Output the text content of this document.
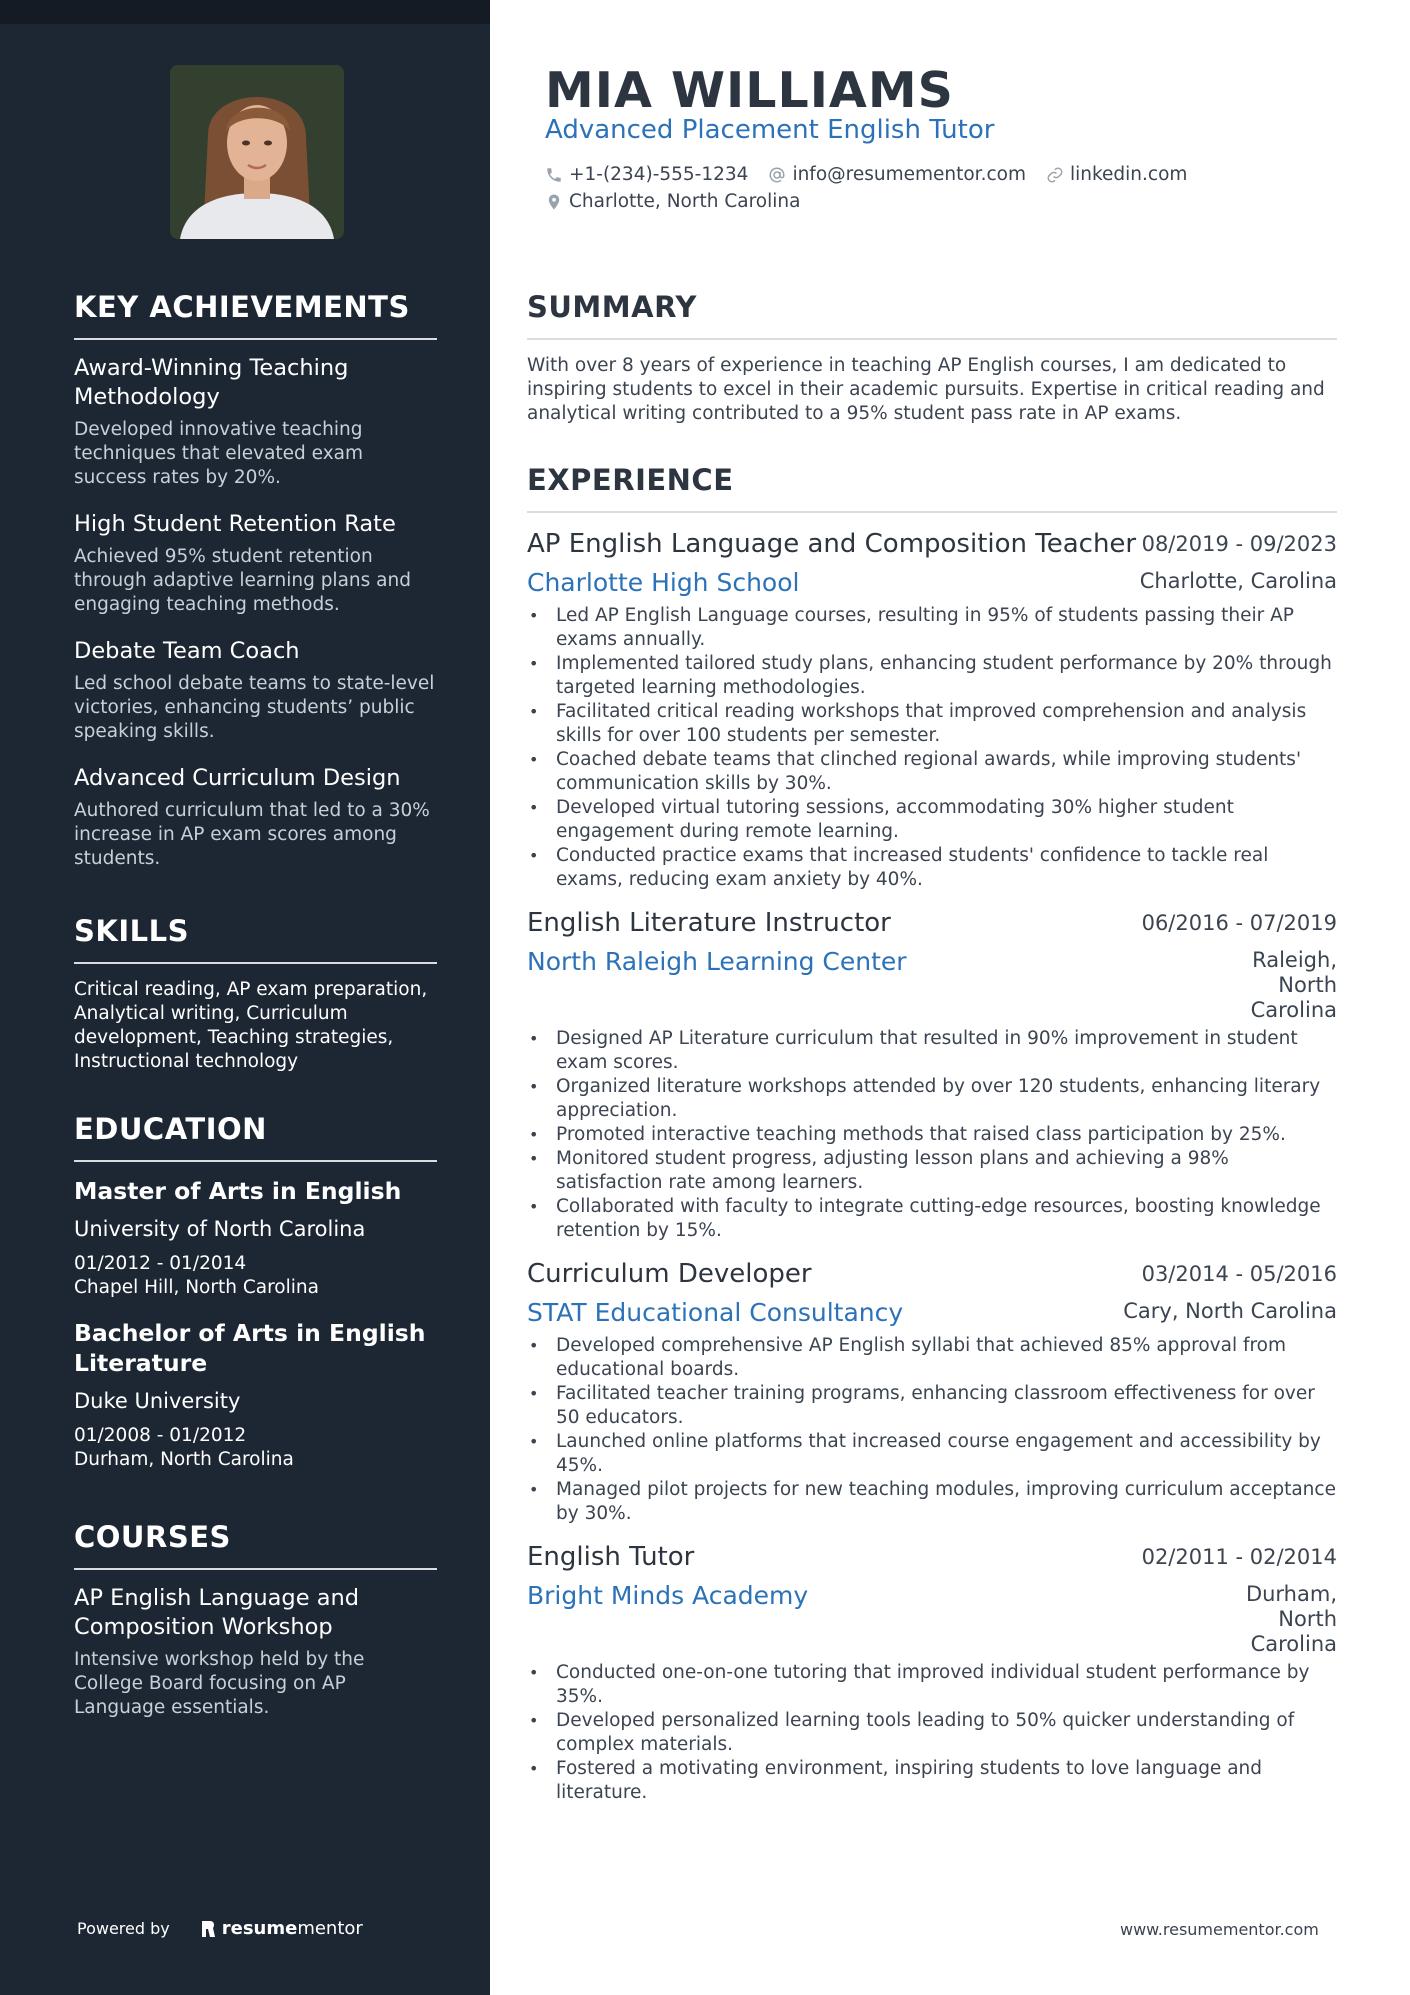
KEY ACHIEVEMENTS
Award-Winning Teaching Methodology
Developed innovative teaching techniques that elevated exam success rates by 20%.
High Student Retention Rate
Achieved 95% student retention through adaptive learning plans and engaging teaching methods.
Debate Team Coach
Led school debate teams to state-level victories, enhancing students’ public speaking skills.
Advanced Curriculum Design
Authored curriculum that led to a 30% increase in AP exam scores among students.
SKILLS
Critical reading, AP exam preparation, Analytical writing, Curriculum development, Teaching strategies, Instructional technology
EDUCATION
Master of Arts in English
University of North Carolina
01/2012 - 01/2014
Chapel Hill, North Carolina
Bachelor of Arts in English Literature
Duke University
01/2008 - 01/2012
Durham, North Carolina
COURSES
AP English Language and Composition Workshop
Intensive workshop held by the College Board focusing on AP Language essentials.
Powered by	resume mentor
MIA WILLIAMS
Advanced Placement English Tutor
+1-(234)-555-1234 info@resumementor.com linkedin.com
Charlotte, North Carolina
SUMMARY

With over 8 years of experience in teaching AP English courses, I am dedicated to inspiring students to excel in their academic pursuits. Expertise in critical reading and analytical writing contributed to a 95% student pass rate in AP exams.

EXPERIENCE
AP English Language and Composition Teacher 08/2019 - 09/2023
Charlotte High School	Charlotte, Carolina
• Led AP English Language courses, resulting in 95% of students passing their AP exams annually.
• Implemented tailored study plans, enhancing student performance by 20% through targeted learning methodologies.
• Facilitated critical reading workshops that improved comprehension and analysis skills for over 100 students per semester.
• Coached debate teams that clinched regional awards, while improving students' communication skills by 30%.
• Developed virtual tutoring sessions, accommodating 30% higher student engagement during remote learning.
• Conducted practice exams that increased students' confidence to tackle real exams, reducing exam anxiety by 40%.
English Literature Instructor	06/2016 - 07/2019
North Raleigh Learning Center	Raleigh, North Carolina
• Designed AP Literature curriculum that resulted in 90% improvement in student exam scores.
• Organized literature workshops attended by over 120 students, enhancing literary appreciation.
• Promoted interactive teaching methods that raised class participation by 25%.
• Monitored student progress, adjusting lesson plans and achieving a 98% satisfaction rate among learners.
• Collaborated with faculty to integrate cutting-edge resources, boosting knowledge retention by 15%.
Curriculum Developer	03/2014 - 05/2016
STAT Educational Consultancy	Cary, North Carolina
• Developed comprehensive AP English syllabi that achieved 85% approval from educational boards.
• Facilitated teacher training programs, enhancing classroom effectiveness for over 50 educators.
• Launched online platforms that increased course engagement and accessibility by 45%.
• Managed pilot projects for new teaching modules, improving curriculum acceptance by 30%.
English Tutor	02/2011 - 02/2014
Bright Minds Academy	Durham, North Carolina
• Conducted one-on-one tutoring that improved individual student performance by 35%.
• Developed personalized learning tools leading to 50% quicker understanding of complex materials.
• Fostered a motivating environment, inspiring students to love language and literature.
www.resumementor.com
